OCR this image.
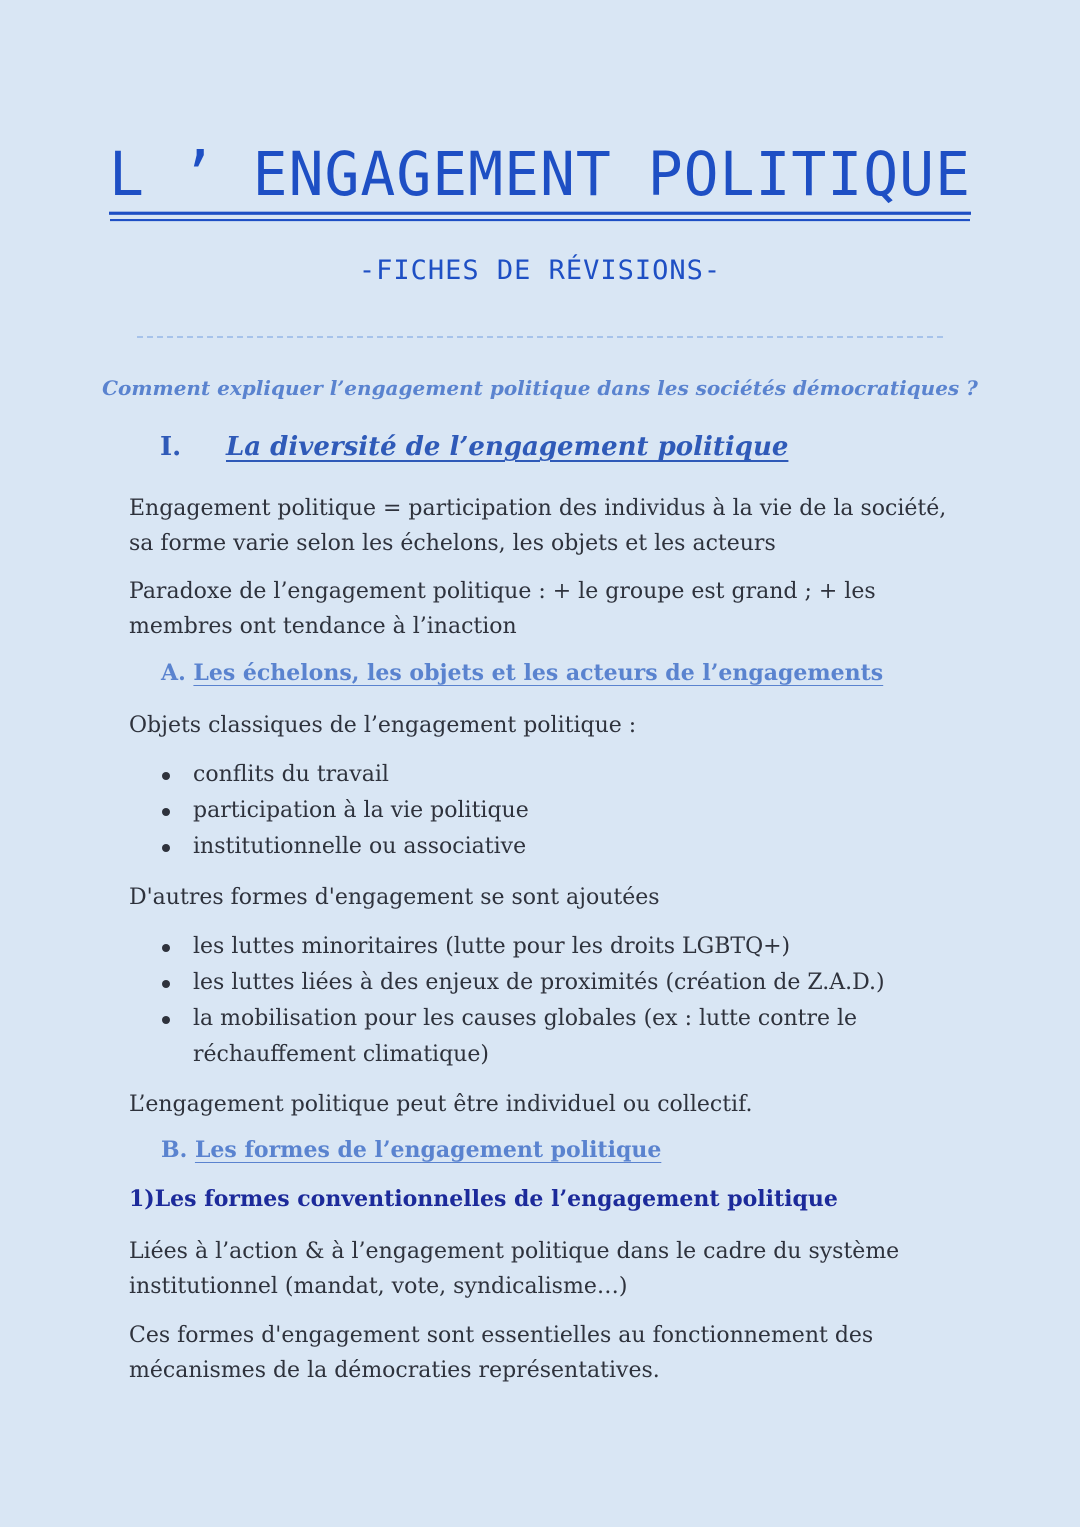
L ’ ENGAGEMENT POLITIQUE
-FICHES DE RÉVISIONS-
Comment expliquer l’engagement politique dans les sociétés démocratiques ?
I. La diversité de l’engagement politique
Engagement politique = participation des individus à la vie de la société, sa forme varie selon les échelons, les objets et les acteurs
Paradoxe de l’engagement politique : + le groupe est grand ; + les membres ont tendance à l’inaction
A. Les échelons, les objets et les acteurs de l’engagements
Objets classiques de l’engagement politique :
conflits du travail
participation à la vie politique
institutionnelle ou associative
D'autres formes d'engagement se sont ajoutées
les luttes minoritaires (lutte pour les droits LGBTQ+)
les luttes liées à des enjeux de proximités (création de Z.A.D.)
la mobilisation pour les causes globales (ex : lutte contre le réchauffement climatique)
L’engagement politique peut être individuel ou collectif.
B. Les formes de l’engagement politique
1)Les formes conventionnelles de l’engagement politique
Liées à l’action & à l’engagement politique dans le cadre du système institutionnel (mandat, vote, syndicalisme…)
Ces formes d'engagement sont essentielles au fonctionnement des mécanismes de la démocraties représentatives.
